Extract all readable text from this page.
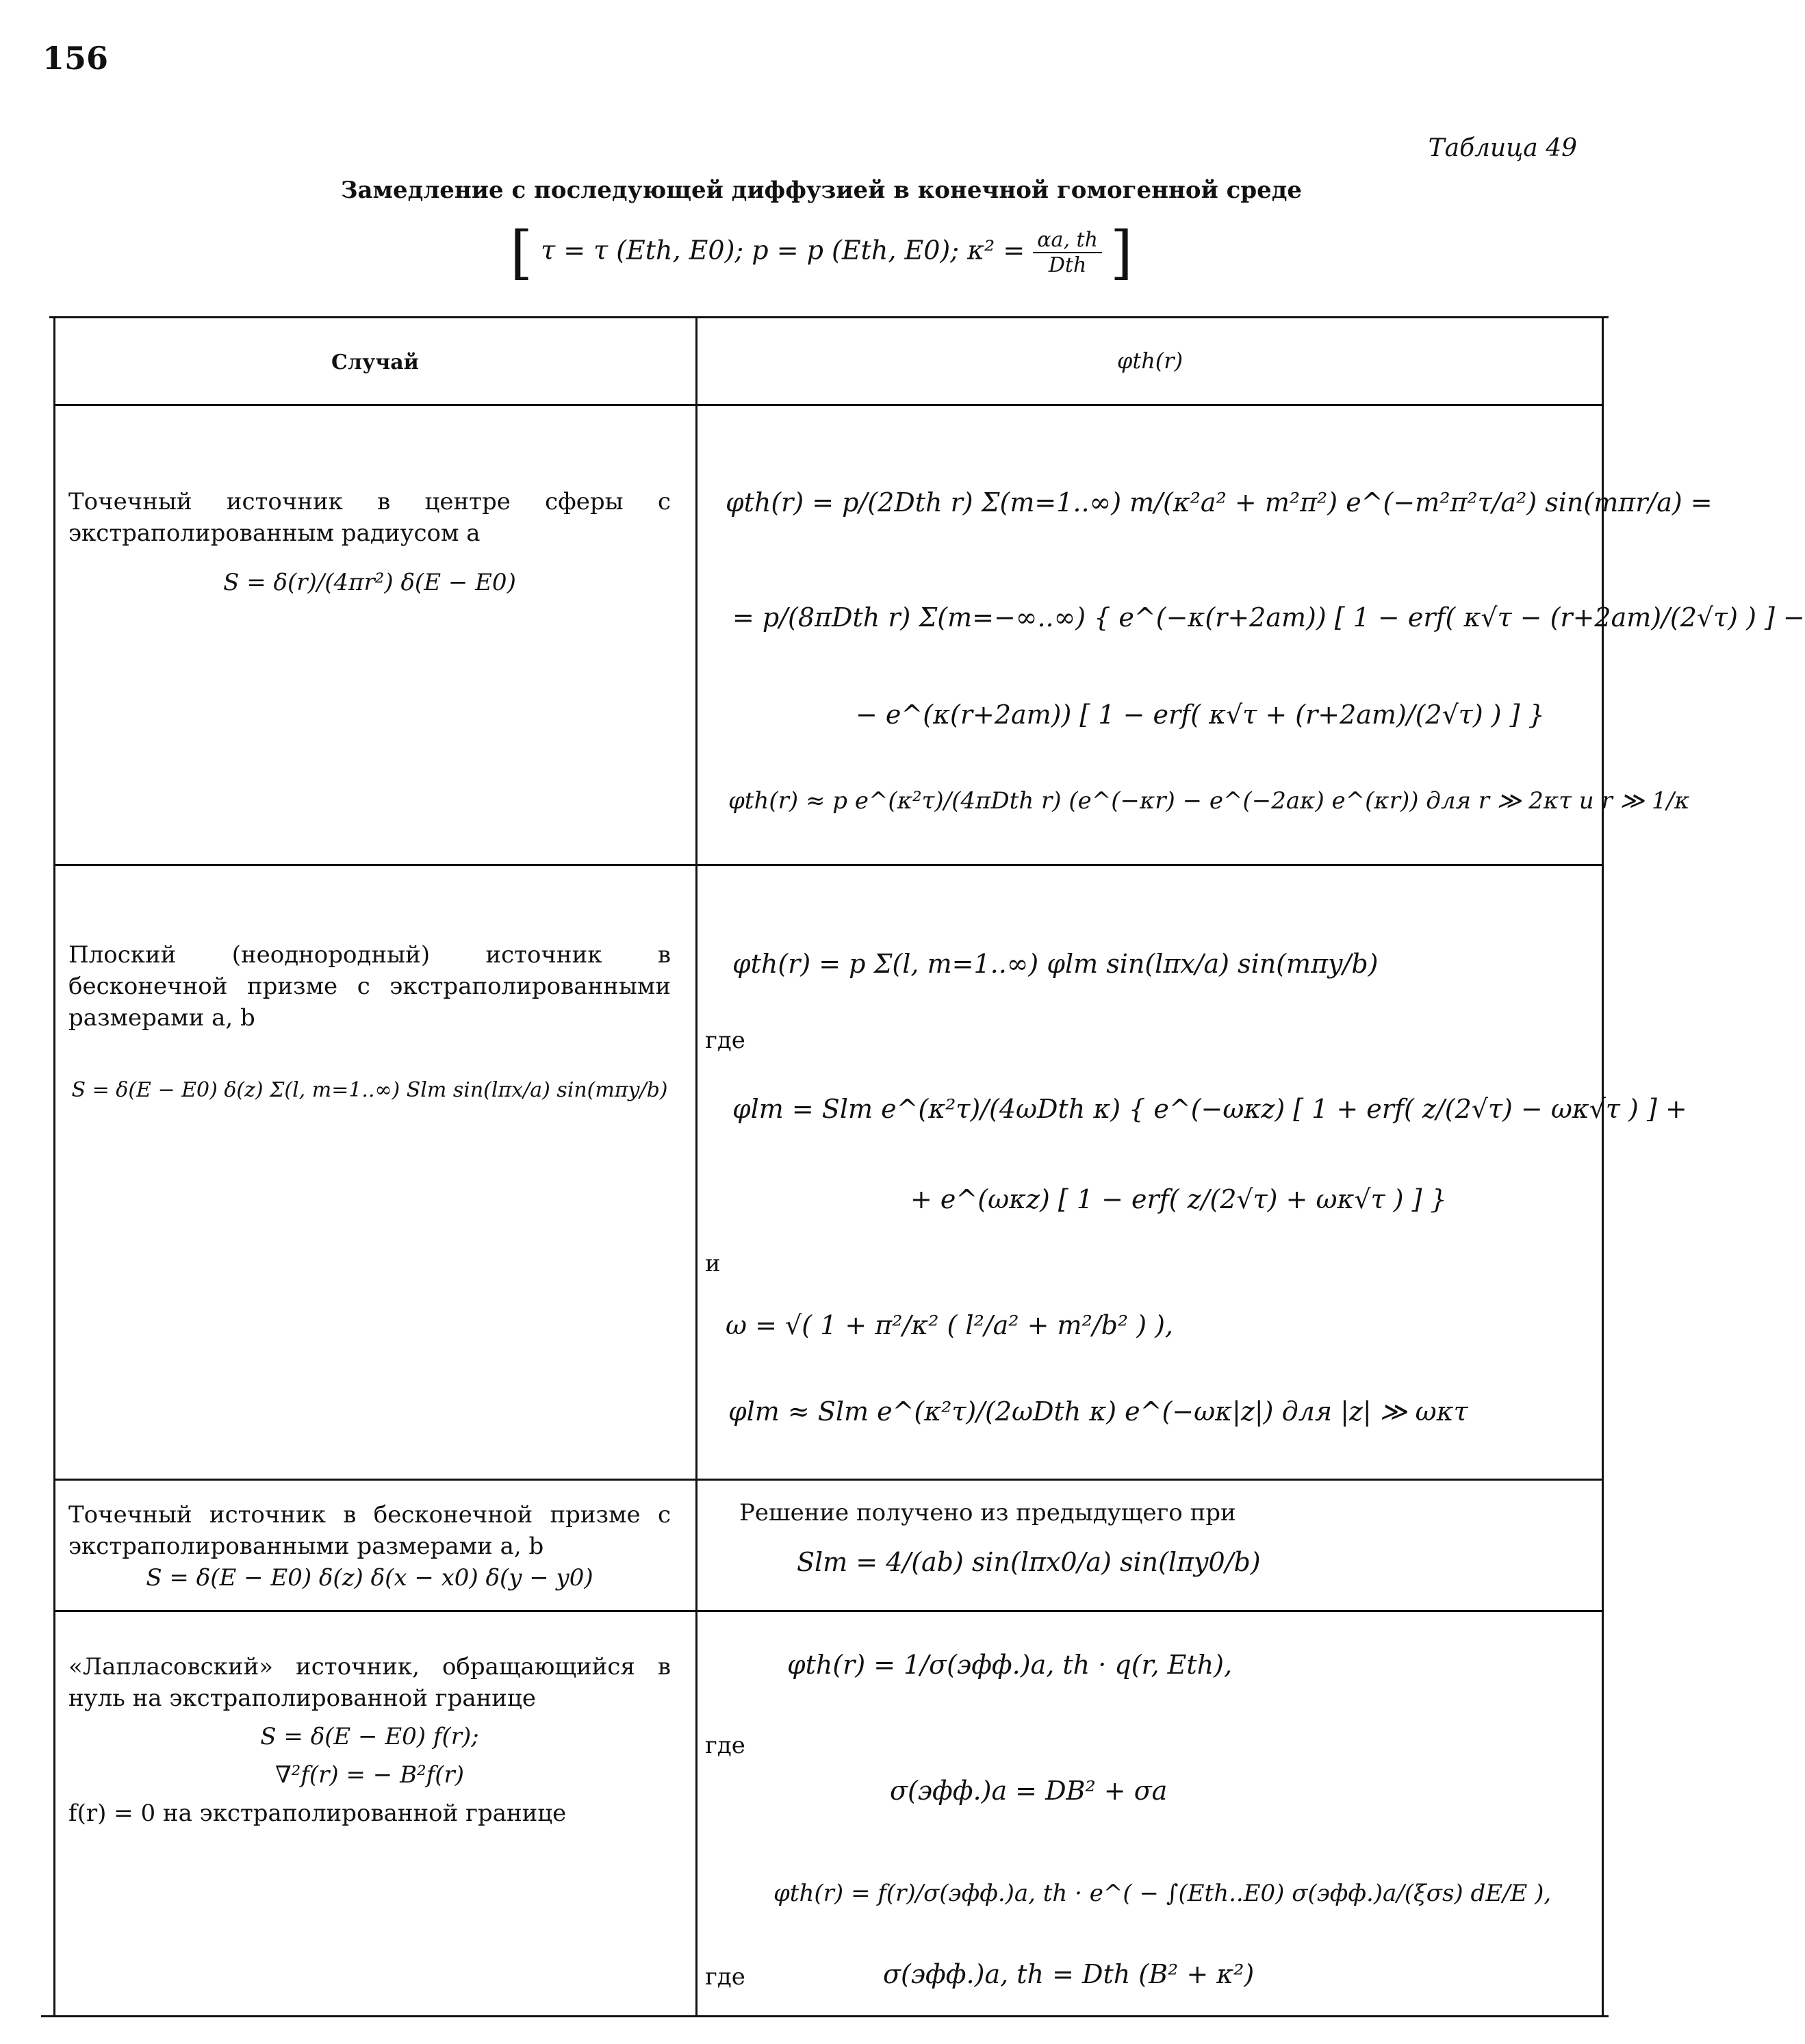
156
Таблица 49
Замедление с последующей диффузией в конечной гомогенной среде
[ τ = τ (Eth, E0); p = p (Eth, E0); $\kappa^2 = \frac{\alpha a, th}{\text{Dth}}$ ]
Случай	φth(r)
Точечный источник в центре сферы с экстраполированным радиусом a
S = δ(r)/(4πr²) δ(E − E0)
φth(r) = p/(2Dth r) Σ(m=1..∞) m/(κ²a² + m²π²) e^(−m²π²τ/a²) sin(mπr/a) =
= p/(8πDth r) Σ(m=−∞..∞) { e^(−κ(r+2am)) [ 1 − erf( κ√τ − (r+2am)/(2√τ) ) ] −
− e^(κ(r+2am)) [ 1 − erf( κ√τ + (r+2am)/(2√τ) ) ] }
φth(r) ≈ p e^(κ²τ)/(4πDth r) (e^(−κr) − e^(−2aκ) e^(κr)) для r ≫ 2κτ и r ≫ 1/κ
Плоский (неоднородный) источник в бесконечной призме с экстраполированными размерами a, b
S = δ(E − E0) δ(z) Σ(l, m=1..∞) Slm sin(lπx/a) sin(mπy/b)
φth(r) = p Σ(l, m=1..∞) φlm sin(lπx/a) sin(mπy/b)
где
φlm = Slm e^(κ²τ)/(4ωDth κ) { e^(−ωκz) [ 1 + erf( z/(2√τ) − ωκ√τ ) ] +
+ e^(ωκz) [ 1 − erf( z/(2√τ) + ωκ√τ ) ] }
и
ω = √( 1 + π²/κ² ( l²/a² + m²/b² ) ),
φlm ≈ Slm e^(κ²τ)/(2ωDth κ) e^(−ωκ|z|) для |z| ≫ ωκτ
Точечный источник в бесконечной призме с экстраполированными размерами a, b
S = δ(E − E0) δ(z) δ(x − x0) δ(y − y0)
Решение получено из предыдущего при
Slm = 4/(ab) sin(lπx0/a) sin(lπy0/b)
«Лапласовский» источник, обращающийся в нуль на экстраполированной границе
S = δ(E − E0) f(r);
∇²f(r) = − B²f(r)
f(r) = 0 на экстраполированной границе
φth(r) = 1/σ(эфф.)a, th · q(r, Eth),
где
σ(эфф.)a = DB² + σa
φth(r) = f(r)/σ(эфф.)a, th · e^( − ∫(Eth..E0) σ(эфф.)a/(ξσs) dE/E ),
где	σ(эфф.)a, th = Dth (B² + κ²)
